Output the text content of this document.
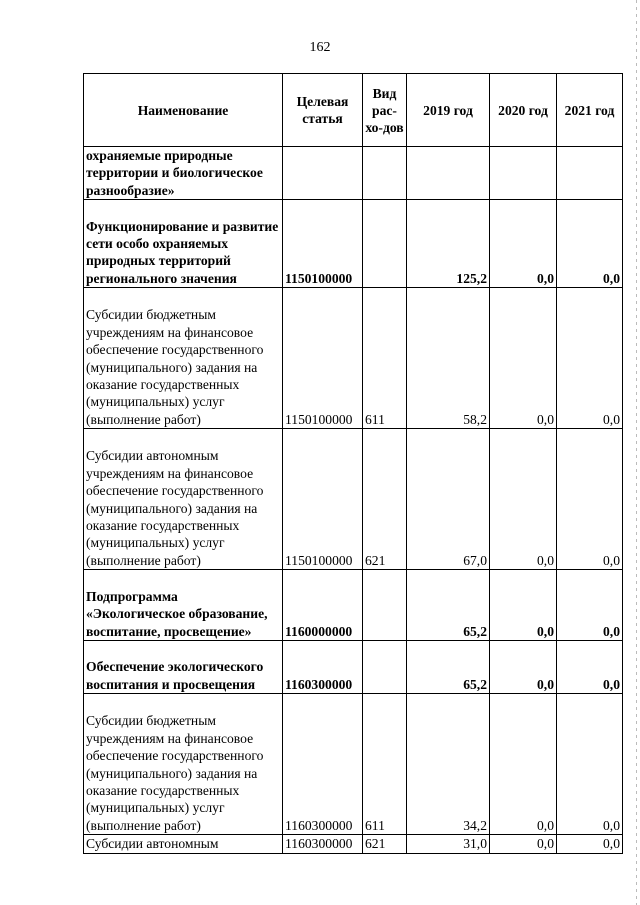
162
Наименование	Целевая статья	Вид рас-хо-дов	2019 год	2020 год	2021 год
охраняемые природные территории и биологическое разнообразие»					
Функционирование и развитие сети особо охраняемых природных территорий регионального значения	1150100000		125,2	0,0	0,0
Субсидии бюджетным учреждениям на финансовое обеспечение государственного (муниципального) задания на оказание государственных (муниципальных) услуг (выполнение работ)	1150100000	611	58,2	0,0	0,0
Субсидии автономным учреждениям на финансовое обеспечение государственного (муниципального) задания на оказание государственных (муниципальных) услуг (выполнение работ)	1150100000	621	67,0	0,0	0,0
Подпрограмма «Экологическое образование, воспитание, просвещение»	1160000000		65,2	0,0	0,0
Обеспечение экологического воспитания и просвещения	1160300000		65,2	0,0	0,0
Субсидии бюджетным учреждениям на финансовое обеспечение государственного (муниципального) задания на оказание государственных (муниципальных) услуг (выполнение работ)	1160300000	611	34,2	0,0	0,0
Субсидии автономным	1160300000	621	31,0	0,0	0,0
